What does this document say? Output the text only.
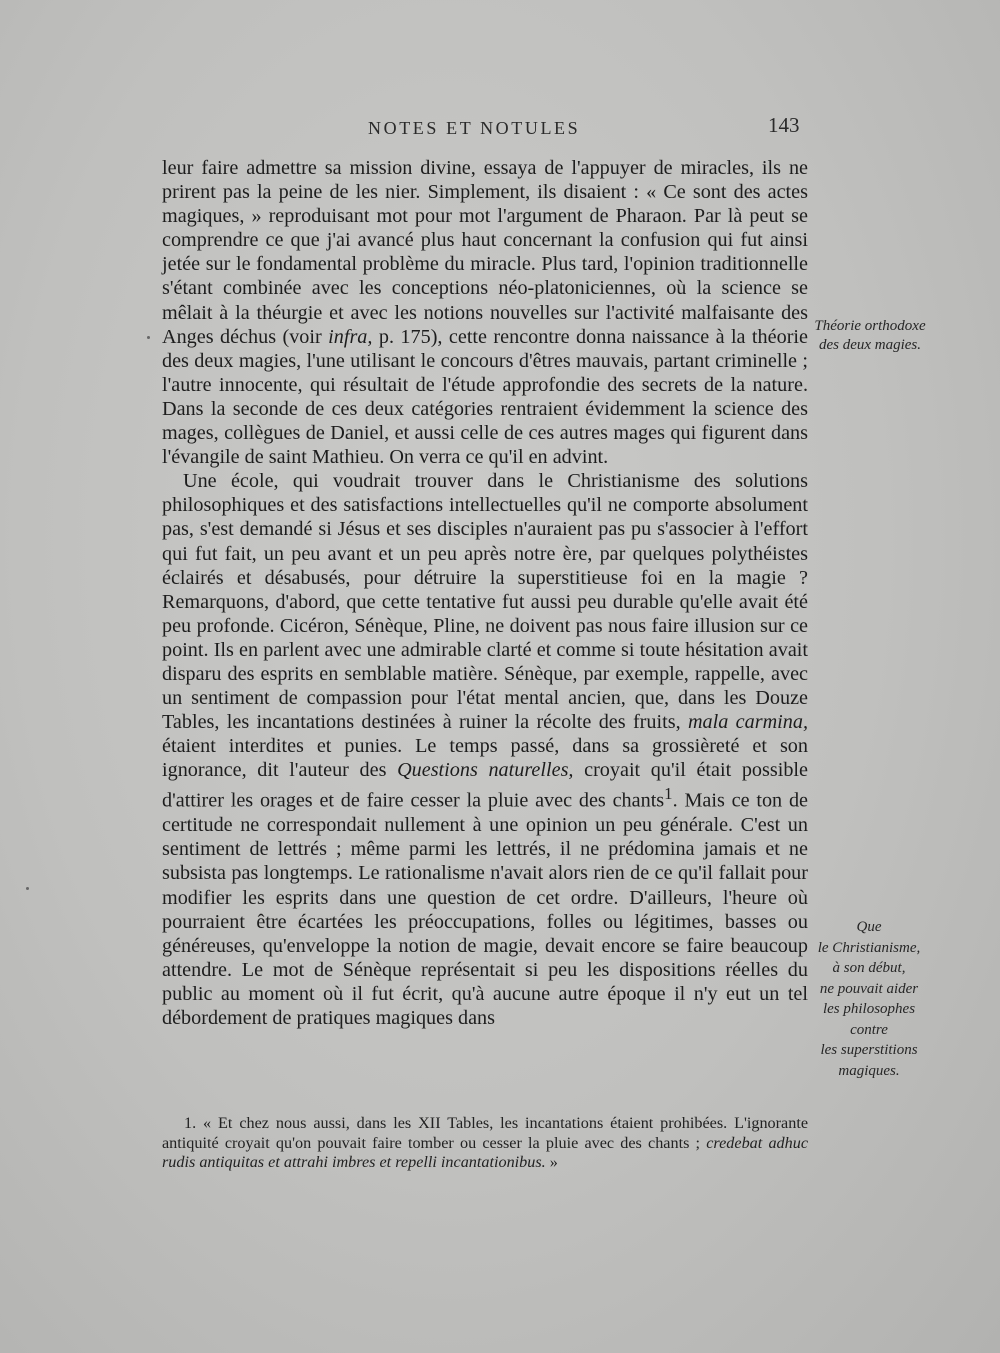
NOTES ET NOTULES	143

leur faire admettre sa mission divine, essaya de l'appuyer de miracles, ils ne prirent pas la peine de les nier. Simplement, ils disaient : « Ce sont des actes magiques, » reproduisant mot pour mot l'argument de Pharaon. Par là peut se comprendre ce que j'ai avancé plus haut concernant la confusion qui fut ainsi jetée sur le fondamental problème du miracle. Plus tard, l'opinion traditionnelle s'étant combinée avec les conceptions néo-platoniciennes, où la science se mêlait à la théurgie et avec les notions nouvelles sur l'activité malfaisante des Anges déchus (voir infra, p. 175), cette rencontre donna naissance à la théorie des deux magies, l'une utilisant le concours d'êtres mauvais, partant criminelle ; l'autre innocente, qui résultait de l'étude approfondie des secrets de la nature. Dans la seconde de ces deux catégories rentraient évidemment la science des mages, collègues de Daniel, et aussi celle de ces autres mages qui figurent dans l'évangile de saint Mathieu. On verra ce qu'il en advint.

Une école, qui voudrait trouver dans le Christianisme des solutions philosophiques et des satisfactions intellectuelles qu'il ne comporte absolument pas, s'est demandé si Jésus et ses disciples n'auraient pas pu s'associer à l'effort qui fut fait, un peu avant et un peu après notre ère, par quelques polythéistes éclairés et désabusés, pour détruire la superstitieuse foi en la magie ? Remarquons, d'abord, que cette tentative fut aussi peu durable qu'elle avait été peu profonde. Cicéron, Sénèque, Pline, ne doivent pas nous faire illusion sur ce point. Ils en parlent avec une admirable clarté et comme si toute hésitation avait disparu des esprits en semblable matière. Sénèque, par exemple, rappelle, avec un sentiment de compassion pour l'état mental ancien, que, dans les Douze Tables, les incantations destinées à ruiner la récolte des fruits, mala carmina, étaient interdites et punies. Le temps passé, dans sa grossièreté et son ignorance, dit l'auteur des Questions naturelles, croyait qu'il était possible d'attirer les orages et de faire cesser la pluie avec des chants$^1$. Mais ce ton de certitude ne correspondait nullement à une opinion un peu générale. C'est un sentiment de lettrés ; même parmi les lettrés, il ne prédomina jamais et ne subsista pas longtemps. Le rationalisme n'avait alors rien de ce qu'il fallait pour modifier les esprits dans une question de cet ordre. D'ailleurs, l'heure où pourraient être écartées les préoccupations, folles ou légitimes, basses ou généreuses, qu'enveloppe la notion de magie, devait encore se faire beaucoup attendre. Le mot de Sénèque représentait si peu les dispositions réelles du public au moment où il fut écrit, qu'à aucune autre époque il n'y eut un tel débordement de pratiques magiques dans

Théorie orthodoxe des deux magies.
Que
le Christianisme,
à son début,
ne pouvait aider
les philosophes
contre
les superstitions
magiques.
1. « Et chez nous aussi, dans les XII Tables, les incantations étaient prohibées. L'ignorante antiquité croyait qu'on pouvait faire tomber ou cesser la pluie avec des chants ; credebat adhuc rudis antiquitas et attrahi imbres et repelli incantationibus. »
